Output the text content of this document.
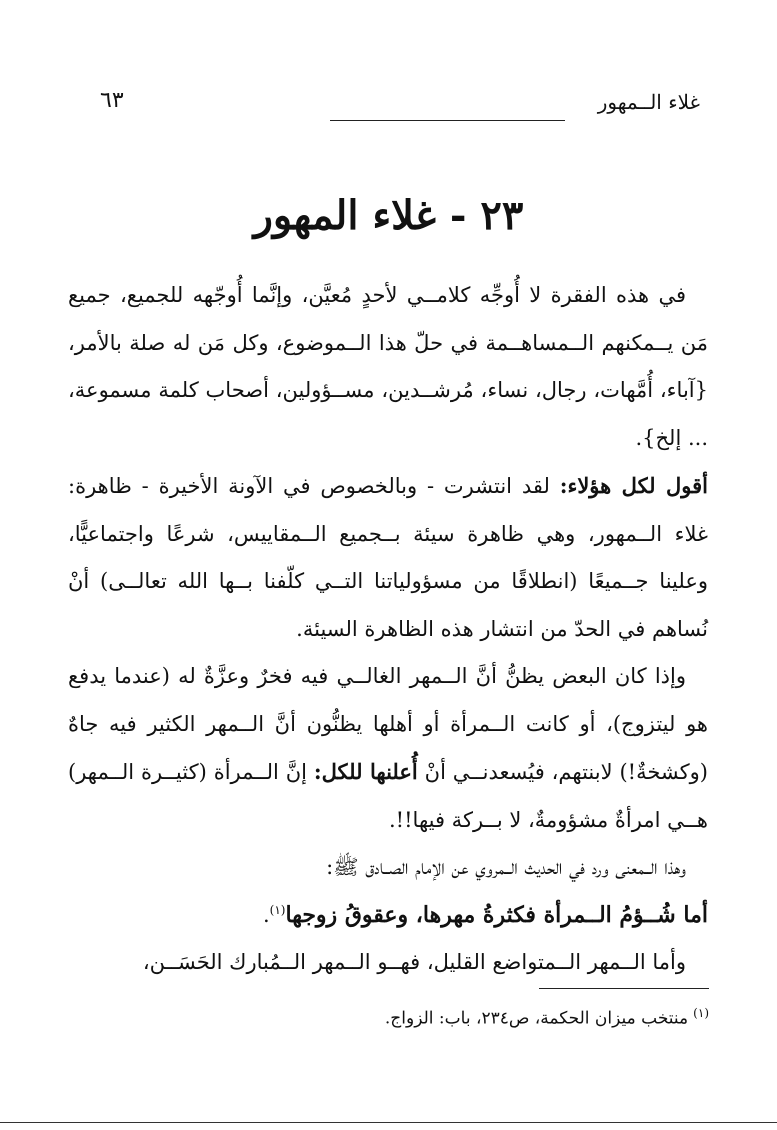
غلاء الــمهور
٦٣
٢٣ - غلاء المهور

في هذه الفقرة لا أُوجِّه كلامــي لأحدٍ مُعيَّن، وإنَّما أُوجّهه للجميع، جميع مَن يــمكنهم الــمساهــمة في حلّ هذا الــموضوع، وكل مَن له صلة بالأمر، {آباء، أُمَّهات، رجال، نساء، مُرشــدين، مســؤولين، أصحاب كلمة مسموعة، ... إلخ}.

أقول لكل هؤلاء: لقد انتشرت - وبالخصوص في الآونة الأخيرة - ظاهرة: غلاء الــمهور، وهي ظاهرة سيئة بــجميع الــمقاييس، شرعًا واجتماعيًّا، وعلينا جــميعًا (انطلاقًا من مسؤولياتنا التــي كلّفنا بــها الله تعالــى) أنْ نُساهم في الحدّ من انتشار هذه الظاهرة السيئة.

وإذا كان البعض يظنُّ أنَّ الــمهر الغالــي فيه فخرٌ وعزَّةٌ له (عندما يدفع هو ليتزوج)، أو كانت الــمرأة أو أهلها يظنُّون أنَّ الــمهر الكثير فيه جاهٌ (وكشخةٌ!) لابنتهم، فيُسعدنــي أنْ أُعلنها للكل: إنَّ الــمرأة (كثيــرة الــمهر) هــي امرأةٌ مشؤومةٌ، لا بــركة فيها!!.

وهذا الــمعنى ورد في الحديث الــمروي عن الإمام الصــادق ﷺ:

أما شُــؤمُ الــمرأة فكثرةُ مهرها، وعقوقُ زوجها$^{(١)}$.

وأما الــمهر الــمتواضع القليل، فهــو الــمهر الــمُبارك الحَسَــن،

$^{(١)}$منتخب ميزان الحكمة، ص٢٣٤، باب: الزواج.
